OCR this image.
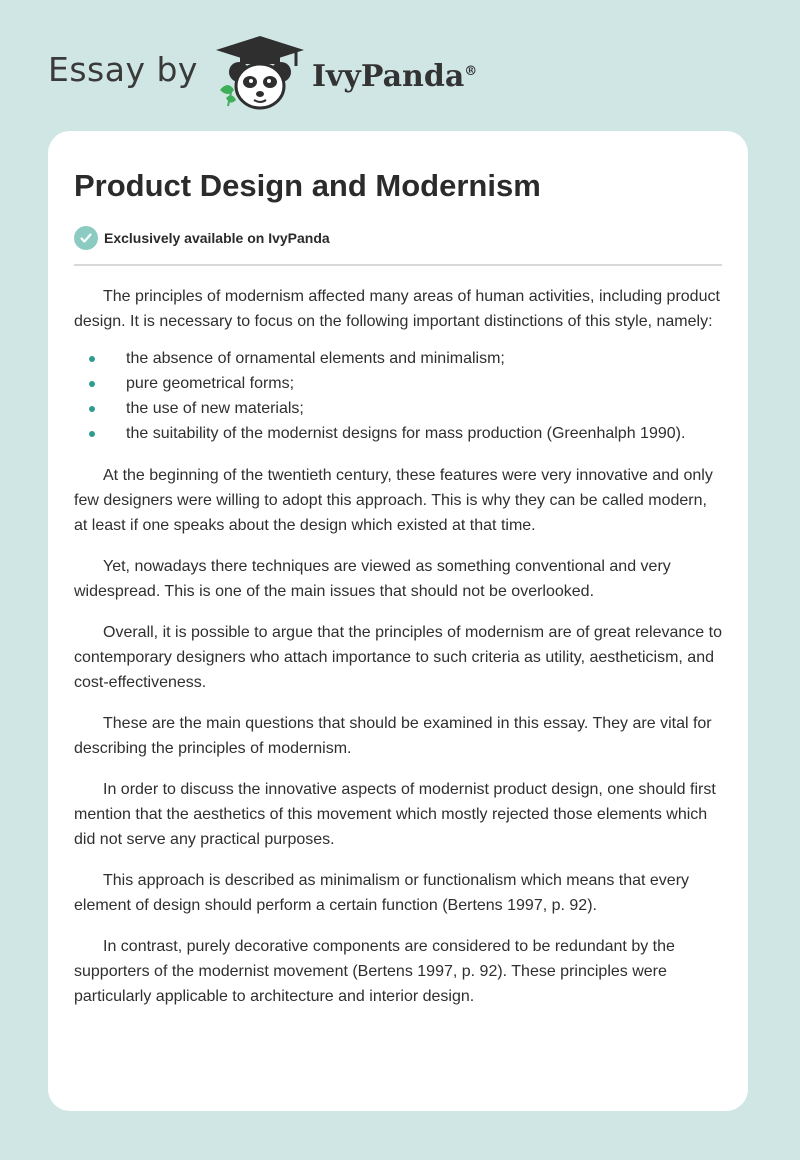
Essay by	IvyPanda®
Product Design and Modernism
Exclusively available on IvyPanda

The principles of modernism affected many areas of human activities, including product design. It is necessary to focus on the following important distinctions of this style, namely:

the absence of ornamental elements and minimalism;
pure geometrical forms;
the use of new materials;
the suitability of the modernist designs for mass production (Greenhalph 1990).

At the beginning of the twentieth century, these features were very innovative and only few designers were willing to adopt this approach. This is why they can be called modern, at least if one speaks about the design which existed at that time.

Yet, nowadays there techniques are viewed as something conventional and very widespread. This is one of the main issues that should not be overlooked.

Overall, it is possible to argue that the principles of modernism are of great relevance to contemporary designers who attach importance to such criteria as utility, aestheticism, and cost-effectiveness.

These are the main questions that should be examined in this essay. They are vital for describing the principles of modernism.

In order to discuss the innovative aspects of modernist product design, one should first mention that the aesthetics of this movement which mostly rejected those elements which did not serve any practical purposes.

This approach is described as minimalism or functionalism which means that every element of design should perform a certain function (Bertens 1997, p. 92).

In contrast, purely decorative components are considered to be redundant by the supporters of the modernist movement (Bertens 1997, p. 92). These principles were particularly applicable to architecture and interior design.
